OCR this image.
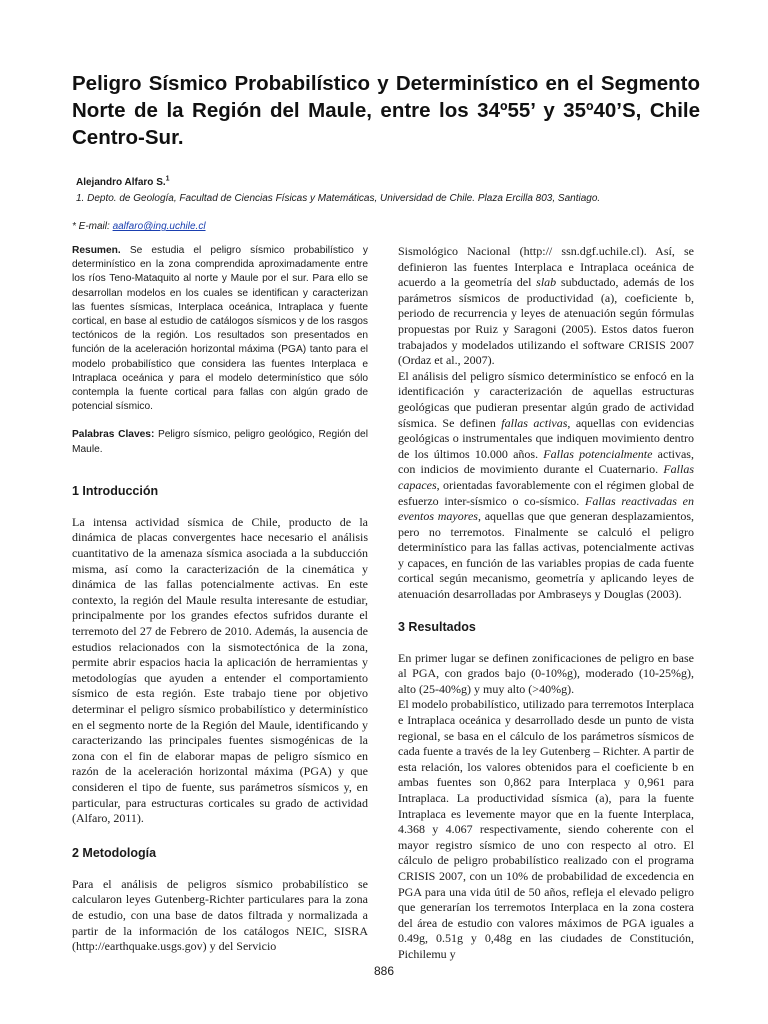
Peligro Sísmico Probabilístico y Determinístico en el Segmento Norte de la Región del Maule, entre los 34º55’ y 35º40’S, Chile Centro-Sur.
Alejandro Alfaro S.$^1$
1. Depto. de Geología, Facultad de Ciencias Físicas y Matemáticas, Universidad de Chile. Plaza Ercilla 803, Santiago.
* E-mail: aalfaro@ing.uchile.cl

Resumen. Se estudia el peligro sísmico probabilístico y determinístico en la zona comprendida aproximadamente entre los ríos Teno-Mataquito al norte y Maule por el sur. Para ello se desarrollan modelos en los cuales se identifican y caracterizan las fuentes sísmicas, Interplaca oceánica, Intraplaca y fuente cortical, en base al estudio de catálogos sísmicos y de los rasgos tectónicos de la región. Los resultados son presentados en función de la aceleración horizontal máxima (PGA) tanto para el modelo probabilístico que considera las fuentes Interplaca e Intraplaca oceánica y para el modelo determinístico que sólo contempla la fuente cortical para fallas con algún grado de potencial sísmico.

Palabras Claves: Peligro sísmico, peligro geológico, Región del Maule.

1 Introducción

La intensa actividad sísmica de Chile, producto de la dinámica de placas convergentes hace necesario el análisis cuantitativo de la amenaza sísmica asociada a la subducción misma, así como la caracterización de la cinemática y dinámica de las fallas potencialmente activas. En este contexto, la región del Maule resulta interesante de estudiar, principalmente por los grandes efectos sufridos durante el terremoto del 27 de Febrero de 2010. Además, la ausencia de estudios relacionados con la sismotectónica de la zona, permite abrir espacios hacia la aplicación de herramientas y metodologías que ayuden a entender el comportamiento sísmico de esta región. Este trabajo tiene por objetivo determinar el peligro sísmico probabilístico y determinístico en el segmento norte de la Región del Maule, identificando y caracterizando las principales fuentes sismogénicas de la zona con el fin de elaborar mapas de peligro sísmico en razón de la aceleración horizontal máxima (PGA) y que consideren el tipo de fuente, sus parámetros sísmicos y, en particular, para estructuras corticales su grado de actividad (Alfaro, 2011).

2 Metodología

Para el análisis de peligros sísmico probabilístico se calcularon leyes Gutenberg-Richter particulares para la zona de estudio, con una base de datos filtrada y normalizada a partir de la información de los catálogos NEIC, SISRA (http://earthquake.usgs.gov) y del Servicio

Sismológico Nacional (http:// ssn.dgf.uchile.cl). Así, se definieron las fuentes Interplaca e Intraplaca oceánica de acuerdo a la geometría del slab subductado, además de los parámetros sísmicos de productividad (a), coeficiente b, periodo de recurrencia y leyes de atenuación según fórmulas propuestas por Ruiz y Saragoni (2005). Estos datos fueron trabajados y modelados utilizando el software CRISIS 2007 (Ordaz et al., 2007).

El análisis del peligro sísmico determinístico se enfocó en la identificación y caracterización de aquellas estructuras geológicas que pudieran presentar algún grado de actividad sísmica. Se definen fallas activas, aquellas con evidencias geológicas o instrumentales que indiquen movimiento dentro de los últimos 10.000 años. Fallas potencialmente activas, con indicios de movimiento durante el Cuaternario. Fallas capaces, orientadas favorablemente con el régimen global de esfuerzo inter-sísmico o co-sísmico. Fallas reactivadas en eventos mayores, aquellas que que generan desplazamientos, pero no terremotos. Finalmente se calculó el peligro determinístico para las fallas activas, potencialmente activas y capaces, en función de las variables propias de cada fuente cortical según mecanismo, geometría y aplicando leyes de atenuación desarrolladas por Ambraseys y Douglas (2003).

3 Resultados

En primer lugar se definen zonificaciones de peligro en base al PGA, con grados bajo (0-10%g), moderado (10-25%g), alto (25-40%g) y muy alto (>40%g).

El modelo probabilístico, utilizado para terremotos Interplaca e Intraplaca oceánica y desarrollado desde un punto de vista regional, se basa en el cálculo de los parámetros sísmicos de cada fuente a través de la ley Gutenberg – Richter. A partir de esta relación, los valores obtenidos para el coeficiente b en ambas fuentes son 0,862 para Interplaca y 0,961 para Intraplaca. La productividad sísmica (a), para la fuente Intraplaca es levemente mayor que en la fuente Interplaca, 4.368 y 4.067 respectivamente, siendo coherente con el mayor registro sísmico de uno con respecto al otro. El cálculo de peligro probabilístico realizado con el programa CRISIS 2007, con un 10% de probabilidad de excedencia en PGA para una vida útil de 50 años, refleja el elevado peligro que generarían los terremotos Interplaca en la zona costera del área de estudio con valores máximos de PGA iguales a 0.49g, 0.51g y 0,48g en las ciudades de Constitución, Pichilemu y

886
